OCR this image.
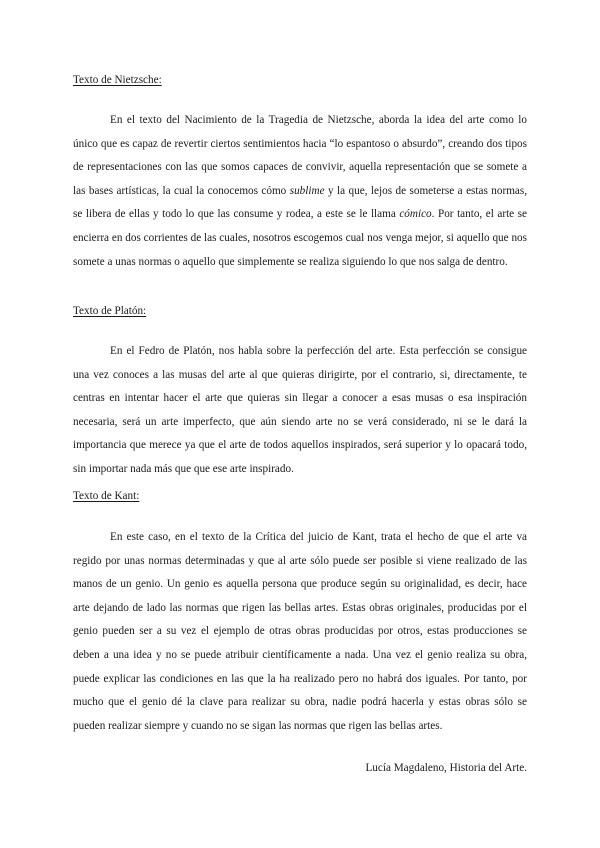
Texto de Nietzsche:

En el texto del Nacimiento de la Tragedia de Nietzsche, aborda la idea del arte como lo único que es capaz de revertir ciertos sentimientos hacia “lo espantoso o absurdo”, creando dos tipos de representaciones con las que somos capaces de convivir, aquella representación que se somete a las bases artísticas, la cual la conocemos cómo sublime y la que, lejos de someterse a estas normas, se libera de ellas y todo lo que las consume y rodea, a este se le llama cómico. Por tanto, el arte se encierra en dos corrientes de las cuales, nosotros escogemos cual nos venga mejor, si aquello que nos somete a unas normas o aquello que simplemente se realiza siguiendo lo que nos salga de dentro.

Texto de Platón:

En el Fedro de Platón, nos habla sobre la perfección del arte. Esta perfección se consigue una vez conoces a las musas del arte al que quieras dirigirte, por el contrario, si, directamente, te centras en intentar hacer el arte que quieras sin llegar a conocer a esas musas o esa inspiración necesaria, será un arte imperfecto, que aún siendo arte no se verá considerado, ni se le dará la importancia que merece ya que el arte de todos aquellos inspirados, será superior y lo opacará todo, sin importar nada más que que ese arte inspirado.

Texto de Kant:

En este caso, en el texto de la Crítica del juicio de Kant, trata el hecho de que el arte va regido por unas normas determinadas y que al arte sólo puede ser posible si viene realizado de las manos de un genio. Un genio es aquella persona que produce según su originalidad, es decir, hace arte dejando de lado las normas que rigen las bellas artes. Estas obras originales, producidas por el genio pueden ser a su vez el ejemplo de otras obras producidas por otros, estas producciones se deben a una idea y no se puede atribuir científicamente a nada. Una vez el genio realiza su obra, puede explicar las condiciones en las que la ha realizado pero no habrá dos iguales. Por tanto, por mucho que el genio dé la clave para realizar su obra, nadie podrá hacerla y estas obras sólo se pueden realizar siempre y cuando no se sigan las normas que rigen las bellas artes.

Lucía Magdaleno, Historia del Arte.
